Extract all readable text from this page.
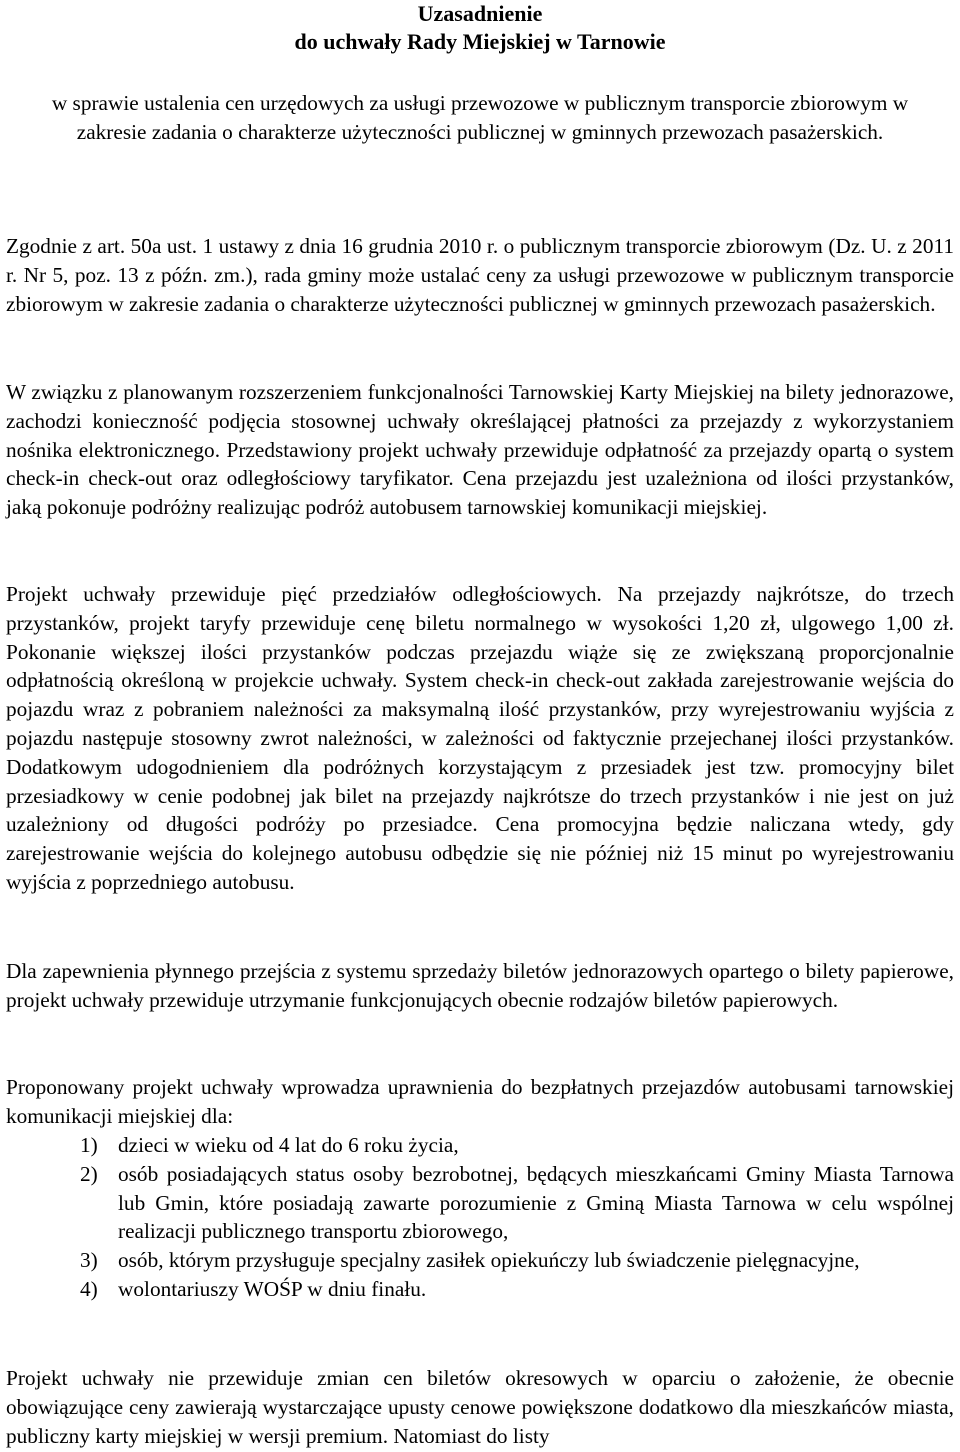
Uzasadnienie
do uchwały Rady Miejskiej w Tarnowie
w sprawie ustalenia cen urzędowych za usługi przewozowe w publicznym transporcie zbiorowym w zakresie zadania o charakterze użyteczności publicznej w gminnych przewozach pasażerskich.
Zgodnie z art. 50a ust. 1 ustawy z dnia 16 grudnia 2010 r. o publicznym transporcie zbiorowym (Dz. U. z 2011 r. Nr 5, poz. 13 z późn. zm.), rada gminy może ustalać ceny za usługi przewozowe w publicznym transporcie zbiorowym w zakresie zadania o charakterze użyteczności publicznej w gminnych przewozach pasażerskich.
W związku z planowanym rozszerzeniem funkcjonalności Tarnowskiej Karty Miejskiej na bilety jednorazowe, zachodzi konieczność podjęcia stosownej uchwały określającej płatności za przejazdy z wykorzystaniem nośnika elektronicznego. Przedstawiony projekt uchwały przewiduje odpłatność za przejazdy opartą o system check-in check-out oraz odległościowy taryfikator. Cena przejazdu jest uzależniona od ilości przystanków, jaką pokonuje podróżny realizując podróż autobusem tarnowskiej komunikacji miejskiej.
Projekt uchwały przewiduje pięć przedziałów odległościowych. Na przejazdy najkrótsze, do trzech przystanków, projekt taryfy przewiduje cenę biletu normalnego w wysokości 1,20 zł, ulgowego 1,00 zł. Pokonanie większej ilości przystanków podczas przejazdu wiąże się ze zwiększaną proporcjonalnie odpłatnością określoną w projekcie uchwały. System check-in check-out zakłada zarejestrowanie wejścia do pojazdu wraz z pobraniem należności za maksymalną ilość przystanków, przy wyrejestrowaniu wyjścia z pojazdu następuje stosowny zwrot należności, w zależności od faktycznie przejechanej ilości przystanków. Dodatkowym udogodnieniem dla podróżnych korzystającym z przesiadek jest tzw. promocyjny bilet przesiadkowy w cenie podobnej jak bilet na przejazdy najkrótsze do trzech przystanków i nie jest on już uzależniony od długości podróży po przesiadce. Cena promocyjna będzie naliczana wtedy, gdy zarejestrowanie wejścia do kolejnego autobusu odbędzie się nie później niż 15 minut po wyrejestrowaniu wyjścia z poprzedniego autobusu.
Dla zapewnienia płynnego przejścia z systemu sprzedaży biletów jednorazowych opartego o bilety papierowe, projekt uchwały przewiduje utrzymanie funkcjonujących obecnie rodzajów biletów papierowych.
Proponowany projekt uchwały wprowadza uprawnienia do bezpłatnych przejazdów autobusami tarnowskiej komunikacji miejskiej dla:
1) dzieci w wieku od 4 lat do 6 roku życia,
2) osób posiadających status osoby bezrobotnej, będących mieszkańcami Gminy Miasta Tarnowa lub Gmin, które posiadają zawarte porozumienie z Gminą Miasta Tarnowa w celu wspólnej realizacji publicznego transportu zbiorowego,
3) osób, którym przysługuje specjalny zasiłek opiekuńczy lub świadczenie pielęgnacyjne,
4) wolontariuszy WOŚP w dniu finału.
Projekt uchwały nie przewiduje zmian cen biletów okresowych w oparciu o założenie, że obecnie obowiązujące ceny zawierają wystarczające upusty cenowe powiększone dodatkowo dla mieszkańców miasta, publiczny karty miejskiej w wersji premium. Natomiast do listy
